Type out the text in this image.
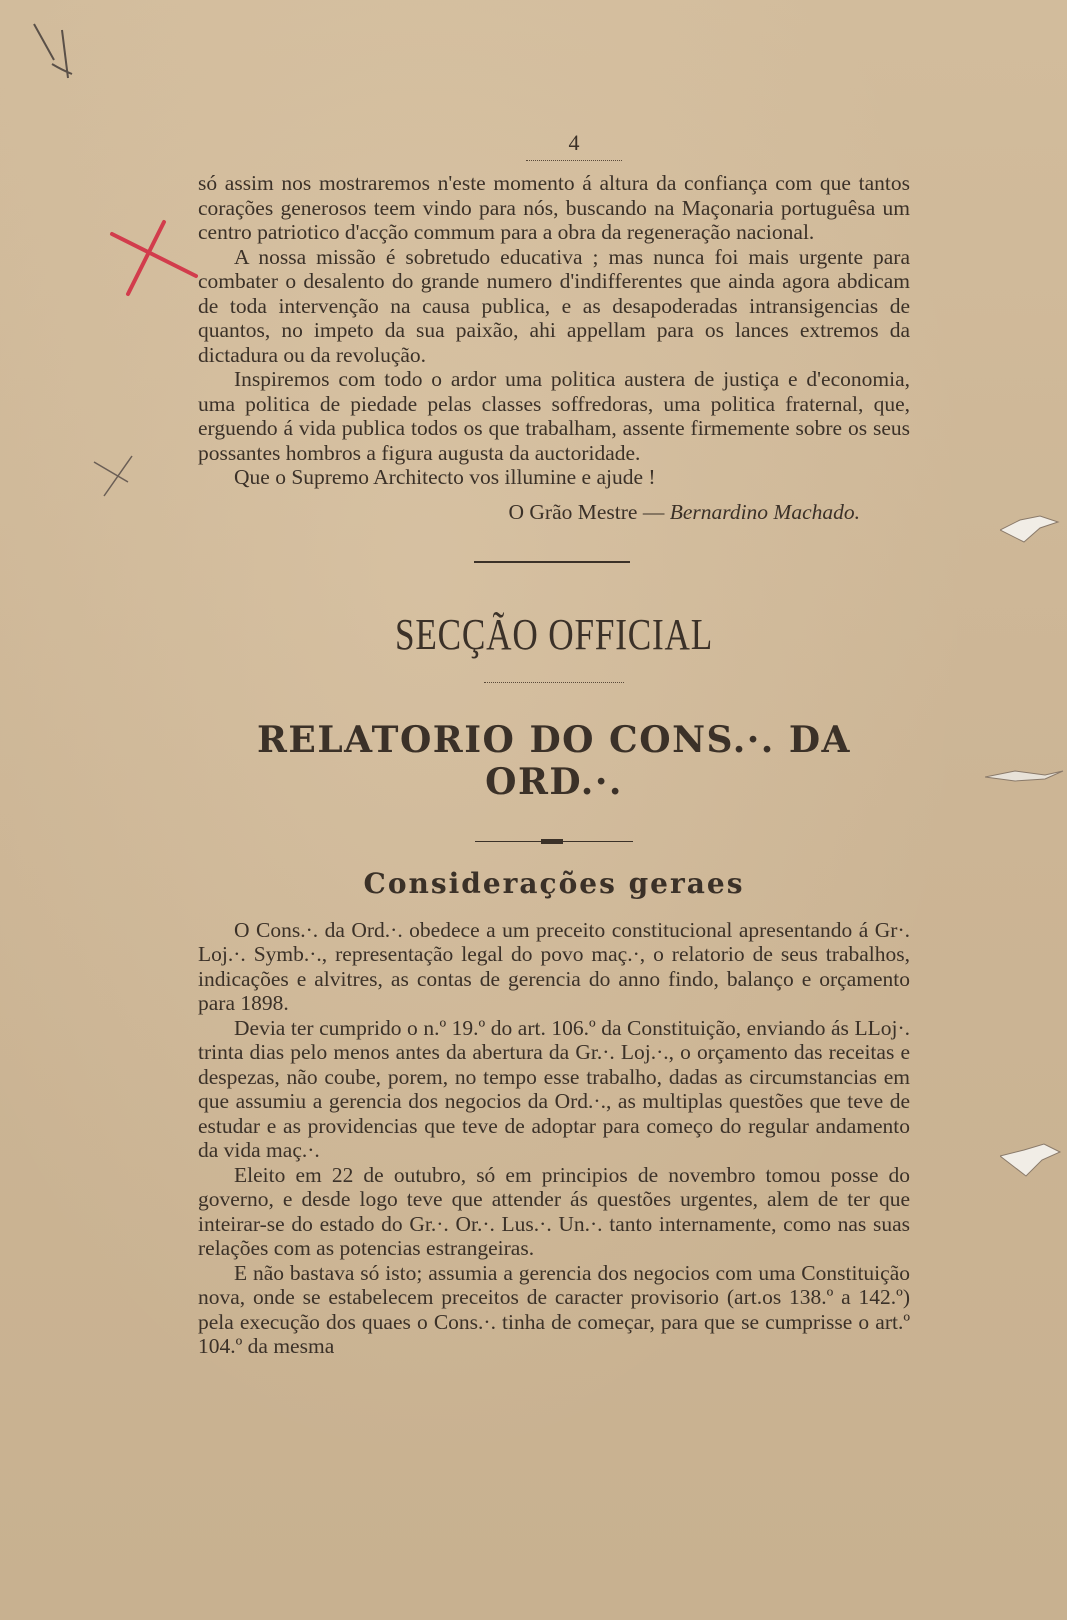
4

só assim nos mostraremos n'este momento á altura da confiança com que tantos corações generosos teem vindo para nós, buscando na Maçonaria portuguêsa um centro patriotico d'acção commum para a obra da regeneração nacional.

A nossa missão é sobretudo educativa ; mas nunca foi mais urgente para combater o desalento do grande numero d'indifferentes que ainda agora abdicam de toda intervenção na causa publica, e as desapoderadas intransigencias de quantos, no impeto da sua paixão, ahi appellam para os lances extremos da dictadura ou da revolução.

Inspiremos com todo o ardor uma politica austera de justiça e d'economia, uma politica de piedade pelas classes soffredoras, uma politica fraternal, que, erguendo á vida publica todos os que trabalham, assente firmemente sobre os seus possantes hombros a figura augusta da auctoridade.

Que o Supremo Architecto vos illumine e ajude !

O Grão Mestre — Bernardino Machado.
SECÇÃO OFFICIAL
RELATORIO DO CONS.·. DA ORD.·.
Considerações geraes

O Cons.·. da Ord.·. obedece a um preceito constitucional apresentando á Gr·. Loj.·. Symb.·., representação legal do povo maç.·, o relatorio de seus trabalhos, indicações e alvitres, as contas de gerencia do anno findo, balanço e orçamento para 1898.

Devia ter cumprido o n.º 19.º do art. 106.º da Constituição, enviando ás LLoj·. trinta dias pelo menos antes da abertura da Gr.·. Loj.·., o orçamento das receitas e despezas, não coube, porem, no tempo esse trabalho, dadas as circumstancias em que assumiu a gerencia dos negocios da Ord.·., as multiplas questões que teve de estudar e as providencias que teve de adoptar para começo do regular andamento da vida maç.·.

Eleito em 22 de outubro, só em principios de novembro tomou posse do governo, e desde logo teve que attender ás questões urgentes, alem de ter que inteirar-se do estado do Gr.·. Or.·. Lus.·. Un.·. tanto internamente, como nas suas relações com as potencias estrangeiras.

E não bastava só isto; assumia a gerencia dos negocios com uma Constituição nova, onde se estabelecem preceitos de caracter provisorio (art.os 138.º a 142.º) pela execução dos quaes o Cons.·. tinha de começar, para que se cumprisse o art.º 104.º da mesma
